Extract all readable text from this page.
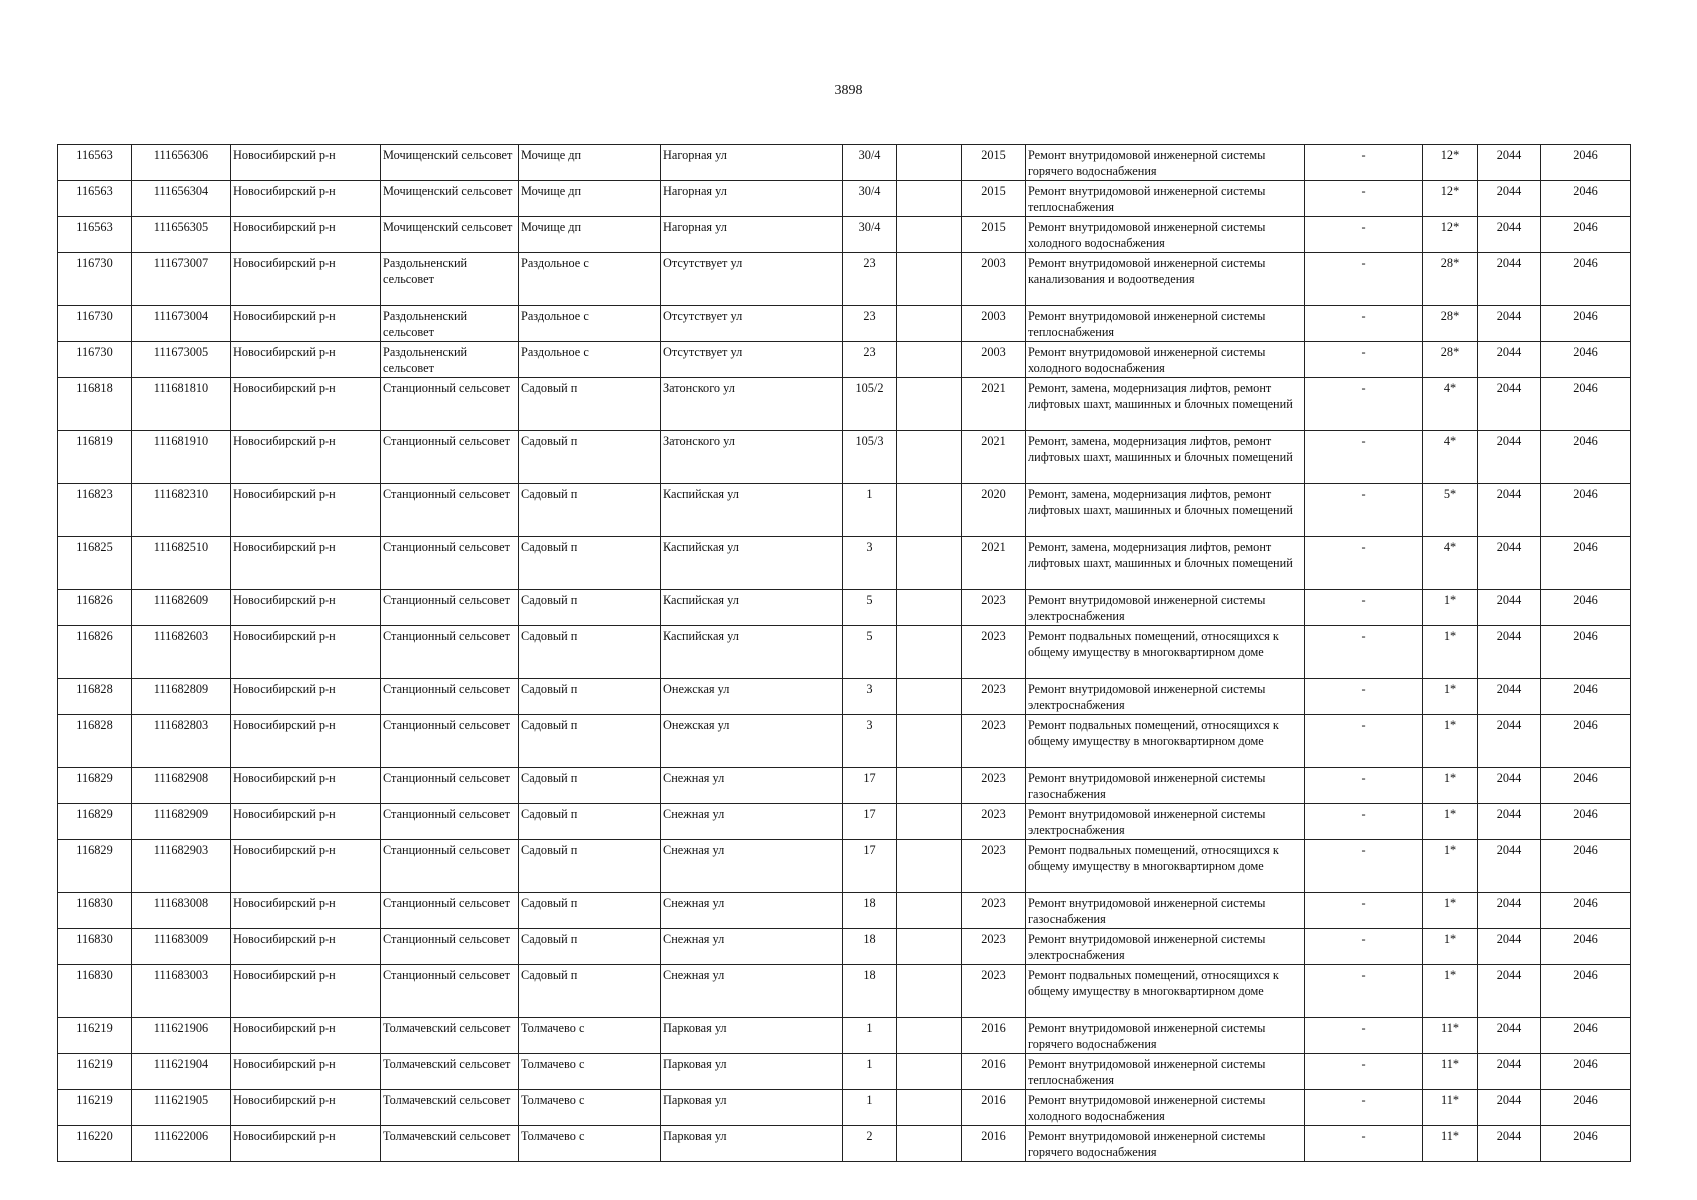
3898
116563	111656306	Новосибирский р-н	Мочищенский сельсовет	Мочище дп	Нагорная ул	30/4		2015	Ремонт внутридомовой инженерной системы горячего водоснабжения	-	12*	2044	2046
116563	111656304	Новосибирский р-н	Мочищенский сельсовет	Мочище дп	Нагорная ул	30/4		2015	Ремонт внутридомовой инженерной системы теплоснабжения	-	12*	2044	2046
116563	111656305	Новосибирский р-н	Мочищенский сельсовет	Мочище дп	Нагорная ул	30/4		2015	Ремонт внутридомовой инженерной системы холодного водоснабжения	-	12*	2044	2046
116730	111673007	Новосибирский р-н	Раздольненский сельсовет	Раздольное с	Отсутствует ул	23		2003	Ремонт внутридомовой инженерной системы канализования и водоотведения	-	28*	2044	2046
116730	111673004	Новосибирский р-н	Раздольненский сельсовет	Раздольное с	Отсутствует ул	23		2003	Ремонт внутридомовой инженерной системы теплоснабжения	-	28*	2044	2046
116730	111673005	Новосибирский р-н	Раздольненский сельсовет	Раздольное с	Отсутствует ул	23		2003	Ремонт внутридомовой инженерной системы холодного водоснабжения	-	28*	2044	2046
116818	111681810	Новосибирский р-н	Станционный сельсовет	Садовый п	Затонского ул	105/2		2021	Ремонт, замена, модернизация лифтов, ремонт лифтовых шахт, машинных и блочных помещений	-	4*	2044	2046
116819	111681910	Новосибирский р-н	Станционный сельсовет	Садовый п	Затонского ул	105/3		2021	Ремонт, замена, модернизация лифтов, ремонт лифтовых шахт, машинных и блочных помещений	-	4*	2044	2046
116823	111682310	Новосибирский р-н	Станционный сельсовет	Садовый п	Каспийская ул	1		2020	Ремонт, замена, модернизация лифтов, ремонт лифтовых шахт, машинных и блочных помещений	-	5*	2044	2046
116825	111682510	Новосибирский р-н	Станционный сельсовет	Садовый п	Каспийская ул	3		2021	Ремонт, замена, модернизация лифтов, ремонт лифтовых шахт, машинных и блочных помещений	-	4*	2044	2046
116826	111682609	Новосибирский р-н	Станционный сельсовет	Садовый п	Каспийская ул	5		2023	Ремонт внутридомовой инженерной системы электроснабжения	-	1*	2044	2046
116826	111682603	Новосибирский р-н	Станционный сельсовет	Садовый п	Каспийская ул	5		2023	Ремонт подвальных помещений, относящихся к общему имуществу в многоквартирном доме	-	1*	2044	2046
116828	111682809	Новосибирский р-н	Станционный сельсовет	Садовый п	Онежская ул	3		2023	Ремонт внутридомовой инженерной системы электроснабжения	-	1*	2044	2046
116828	111682803	Новосибирский р-н	Станционный сельсовет	Садовый п	Онежская ул	3		2023	Ремонт подвальных помещений, относящихся к общему имуществу в многоквартирном доме	-	1*	2044	2046
116829	111682908	Новосибирский р-н	Станционный сельсовет	Садовый п	Снежная ул	17		2023	Ремонт внутридомовой инженерной системы газоснабжения	-	1*	2044	2046
116829	111682909	Новосибирский р-н	Станционный сельсовет	Садовый п	Снежная ул	17		2023	Ремонт внутридомовой инженерной системы электроснабжения	-	1*	2044	2046
116829	111682903	Новосибирский р-н	Станционный сельсовет	Садовый п	Снежная ул	17		2023	Ремонт подвальных помещений, относящихся к общему имуществу в многоквартирном доме	-	1*	2044	2046
116830	111683008	Новосибирский р-н	Станционный сельсовет	Садовый п	Снежная ул	18		2023	Ремонт внутридомовой инженерной системы газоснабжения	-	1*	2044	2046
116830	111683009	Новосибирский р-н	Станционный сельсовет	Садовый п	Снежная ул	18		2023	Ремонт внутридомовой инженерной системы электроснабжения	-	1*	2044	2046
116830	111683003	Новосибирский р-н	Станционный сельсовет	Садовый п	Снежная ул	18		2023	Ремонт подвальных помещений, относящихся к общему имуществу в многоквартирном доме	-	1*	2044	2046
116219	111621906	Новосибирский р-н	Толмачевский сельсовет	Толмачево с	Парковая ул	1		2016	Ремонт внутридомовой инженерной системы горячего водоснабжения	-	11*	2044	2046
116219	111621904	Новосибирский р-н	Толмачевский сельсовет	Толмачево с	Парковая ул	1		2016	Ремонт внутридомовой инженерной системы теплоснабжения	-	11*	2044	2046
116219	111621905	Новосибирский р-н	Толмачевский сельсовет	Толмачево с	Парковая ул	1		2016	Ремонт внутридомовой инженерной системы холодного водоснабжения	-	11*	2044	2046
116220	111622006	Новосибирский р-н	Толмачевский сельсовет	Толмачево с	Парковая ул	2		2016	Ремонт внутридомовой инженерной системы горячего водоснабжения	-	11*	2044	2046
